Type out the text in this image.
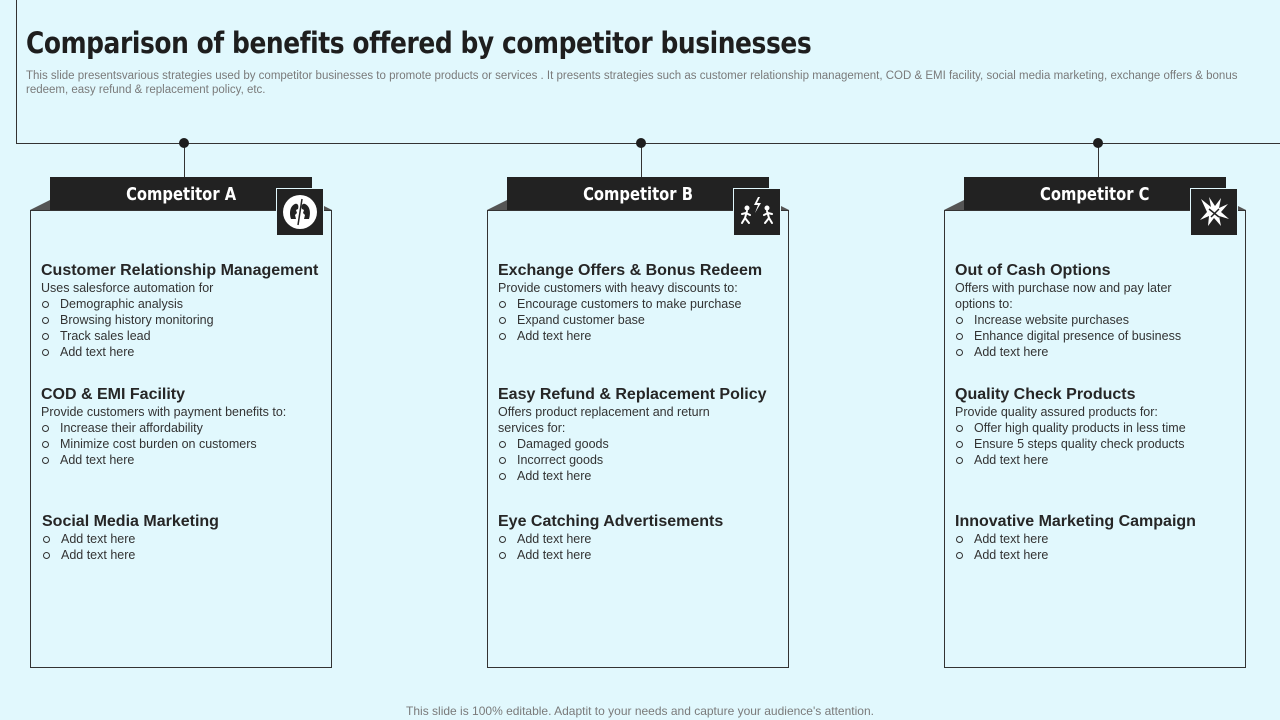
Comparison of benefits offered by competitor businesses

This slide presentsvarious strategies used by competitor businesses to promote products or services . It presents strategies such as customer relationship management, COD & EMI facility, social media marketing, exchange offers & bonus redeem, easy refund & replacement policy, etc.

Customer Relationship Management

Uses salesforce automation for

Demographic analysis
Browsing history monitoring
Track sales lead
Add text here
COD & EMI Facility

Provide customers with payment benefits to:

Increase their affordability
Minimize cost burden on customers
Add text here
Social Media Marketing
Add text here
Add text here

Competitor A

Exchange Offers & Bonus Redeem

Provide customers with heavy discounts to:

Encourage customers to make purchase
Expand customer base
Add text here
Easy Refund & Replacement Policy

Offers product replacement and return services for:

Damaged goods
Incorrect goods
Add text here
Eye Catching Advertisements
Add text here
Add text here

Competitor B

Out of Cash Options

Offers with purchase now and pay later options to:

Increase website purchases
Enhance digital presence of business
Add text here
Quality Check Products

Provide quality assured products for:

Offer high quality products in less time
Ensure 5 steps quality check products
Add text here
Innovative Marketing Campaign
Add text here
Add text here

Competitor C

This slide is 100% editable. Adaptit to your needs and capture your audience's attention.
